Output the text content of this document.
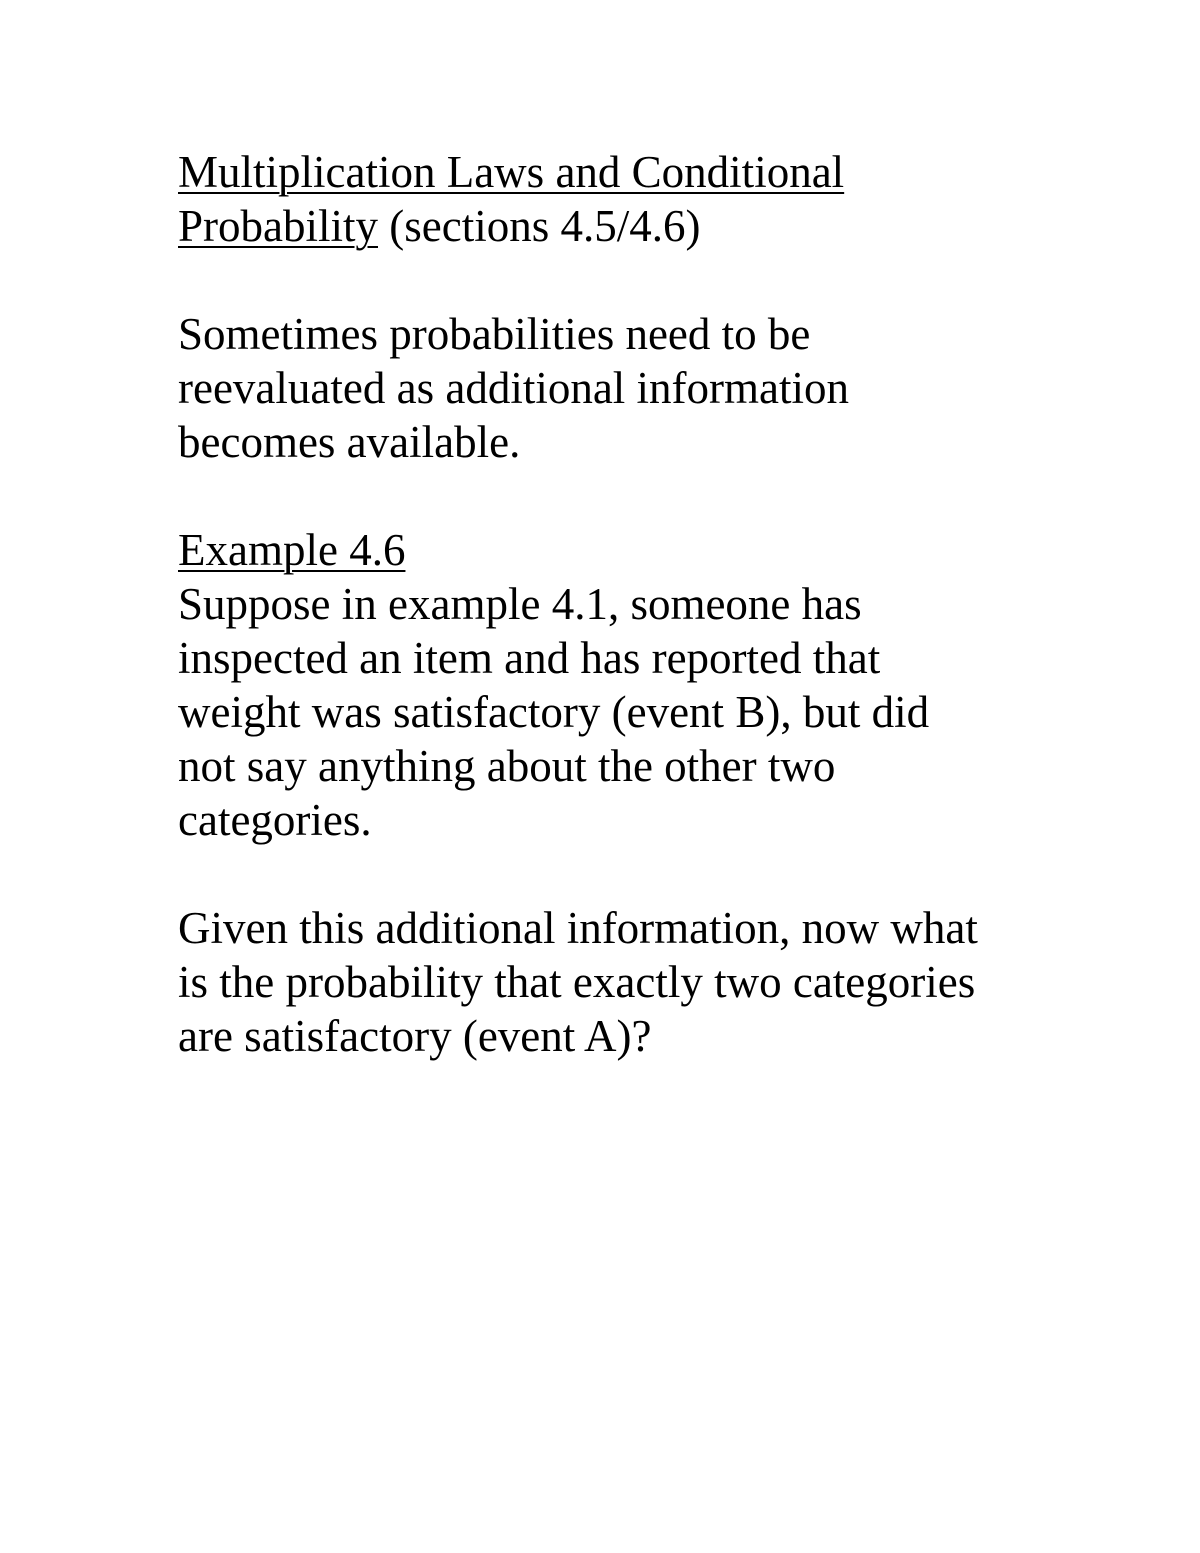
Multiplication Laws and Conditional
Probability (sections 4.5/4.6)
Sometimes probabilities need to be
reevaluated as additional information
becomes available.
Example 4.6
Suppose in example 4.1, someone has
inspected an item and has reported that
weight was satisfactory (event B), but did
not say anything about the other two
categories.
Given this additional information, now what
is the probability that exactly two categories
are satisfactory (event A)?
